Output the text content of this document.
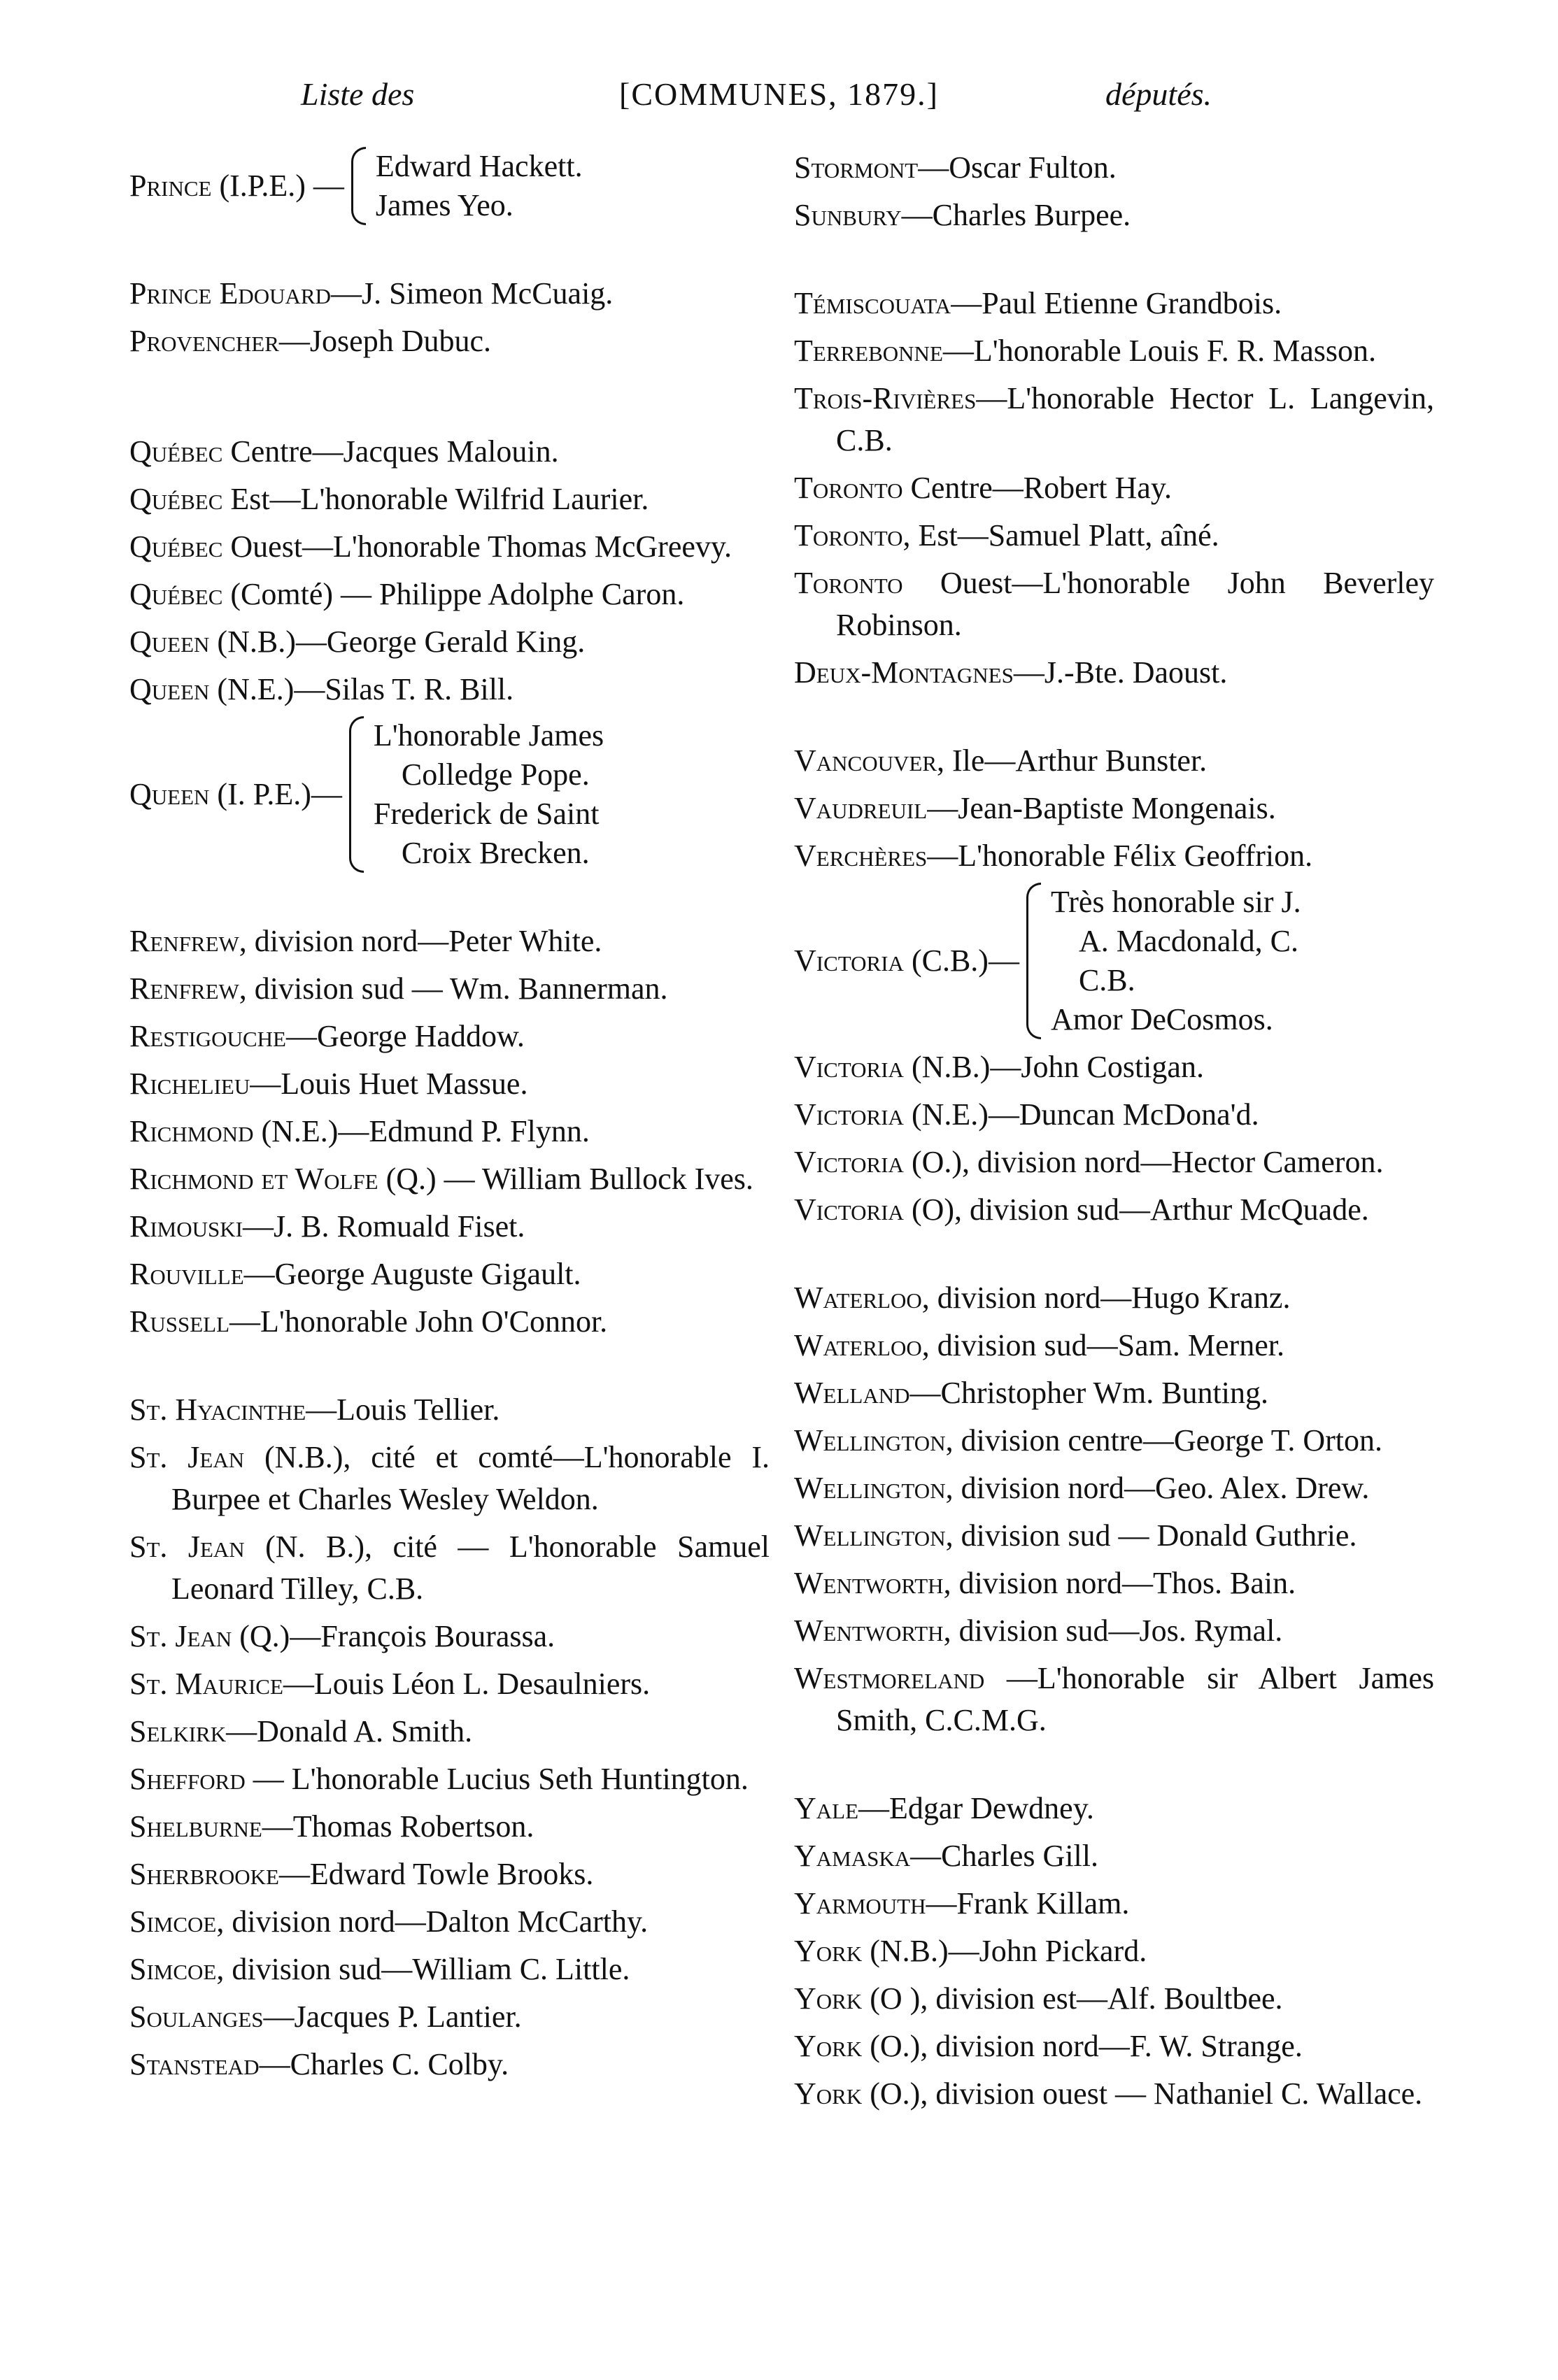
Liste des	[COMMUNES, 1879.]	députés.
Prince (I.P.E.) —
Edward Hackett.
James Yeo.
Prince Edouard—J. Simeon McCuaig.
Provencher—Joseph Dubuc.
Québec Centre—Jacques Malouin.
Québec Est—L'honorable Wilfrid Laurier.
Québec Ouest—L'honorable Thomas McGreevy.
Québec (Comté) — Philippe Adolphe Caron.
Queen (N.B.)—George Gerald King.
Queen (N.E.)—Silas T. R. Bill.
Queen (I. P.E.)—
L'honorable James
Colledge Pope.
Frederick de Saint
Croix Brecken.
Renfrew, division nord—Peter White.
Renfrew, division sud — Wm. Bannerman.
Restigouche—George Haddow.
Richelieu—Louis Huet Massue.
Richmond (N.E.)—Edmund P. Flynn.
Richmond et Wolfe (Q.) — William Bullock Ives.
Rimouski—J. B. Romuald Fiset.
Rouville—George Auguste Gigault.
Russell—L'honorable John O'Connor.
St. Hyacinthe—Louis Tellier.
St. Jean (N.B.), cité et comté—L'honorable I. Burpee et Charles Wesley Weldon.
St. Jean (N. B.), cité — L'honorable Samuel Leonard Tilley, C.B.
St. Jean (Q.)—François Bourassa.
St. Maurice—Louis Léon L. Desaulniers.
Selkirk—Donald A. Smith.
Shefford — L'honorable Lucius Seth Huntington.
Shelburne—Thomas Robertson.
Sherbrooke—Edward Towle Brooks.
Simcoe, division nord—Dalton McCarthy.
Simcoe, division sud—William C. Little.
Soulanges—Jacques P. Lantier.
Stanstead—Charles C. Colby.
Stormont—Oscar Fulton.
Sunbury—Charles Burpee.
Témiscouata—Paul Etienne Grandbois.
Terrebonne—L'honorable Louis F. R. Masson.
Trois-Rivières—L'honorable Hector L. Langevin, C.B.
Toronto Centre—Robert Hay.
Toronto, Est—Samuel Platt, aîné.
Toronto Ouest—L'honorable John Beverley Robinson.
Deux-Montagnes—J.-Bte. Daoust.
Vancouver, Ile—Arthur Bunster.
Vaudreuil—Jean-Baptiste Mongenais.
Verchères—L'honorable Félix Geoffrion.
Victoria (C.B.)—
Très honorable sir J.
A. Macdonald, C.
C.B.
Amor DeCosmos.
Victoria (N.B.)—John Costigan.
Victoria (N.E.)—Duncan McDona'd.
Victoria (O.), division nord—Hector Cameron.
Victoria (O), division sud—Arthur McQuade.
Waterloo, division nord—Hugo Kranz.
Waterloo, division sud—Sam. Merner.
Welland—Christopher Wm. Bunting.
Wellington, division centre—George T. Orton.
Wellington, division nord—Geo. Alex. Drew.
Wellington, division sud — Donald Guthrie.
Wentworth, division nord—Thos. Bain.
Wentworth, division sud—Jos. Rymal.
Westmoreland —L'honorable sir Albert James Smith, C.C.M.G.
Yale—Edgar Dewdney.
Yamaska—Charles Gill.
Yarmouth—Frank Killam.
York (N.B.)—John Pickard.
York (O ), division est—Alf. Boultbee.
York (O.), division nord—F. W. Strange.
York (O.), division ouest — Nathaniel C. Wallace.
